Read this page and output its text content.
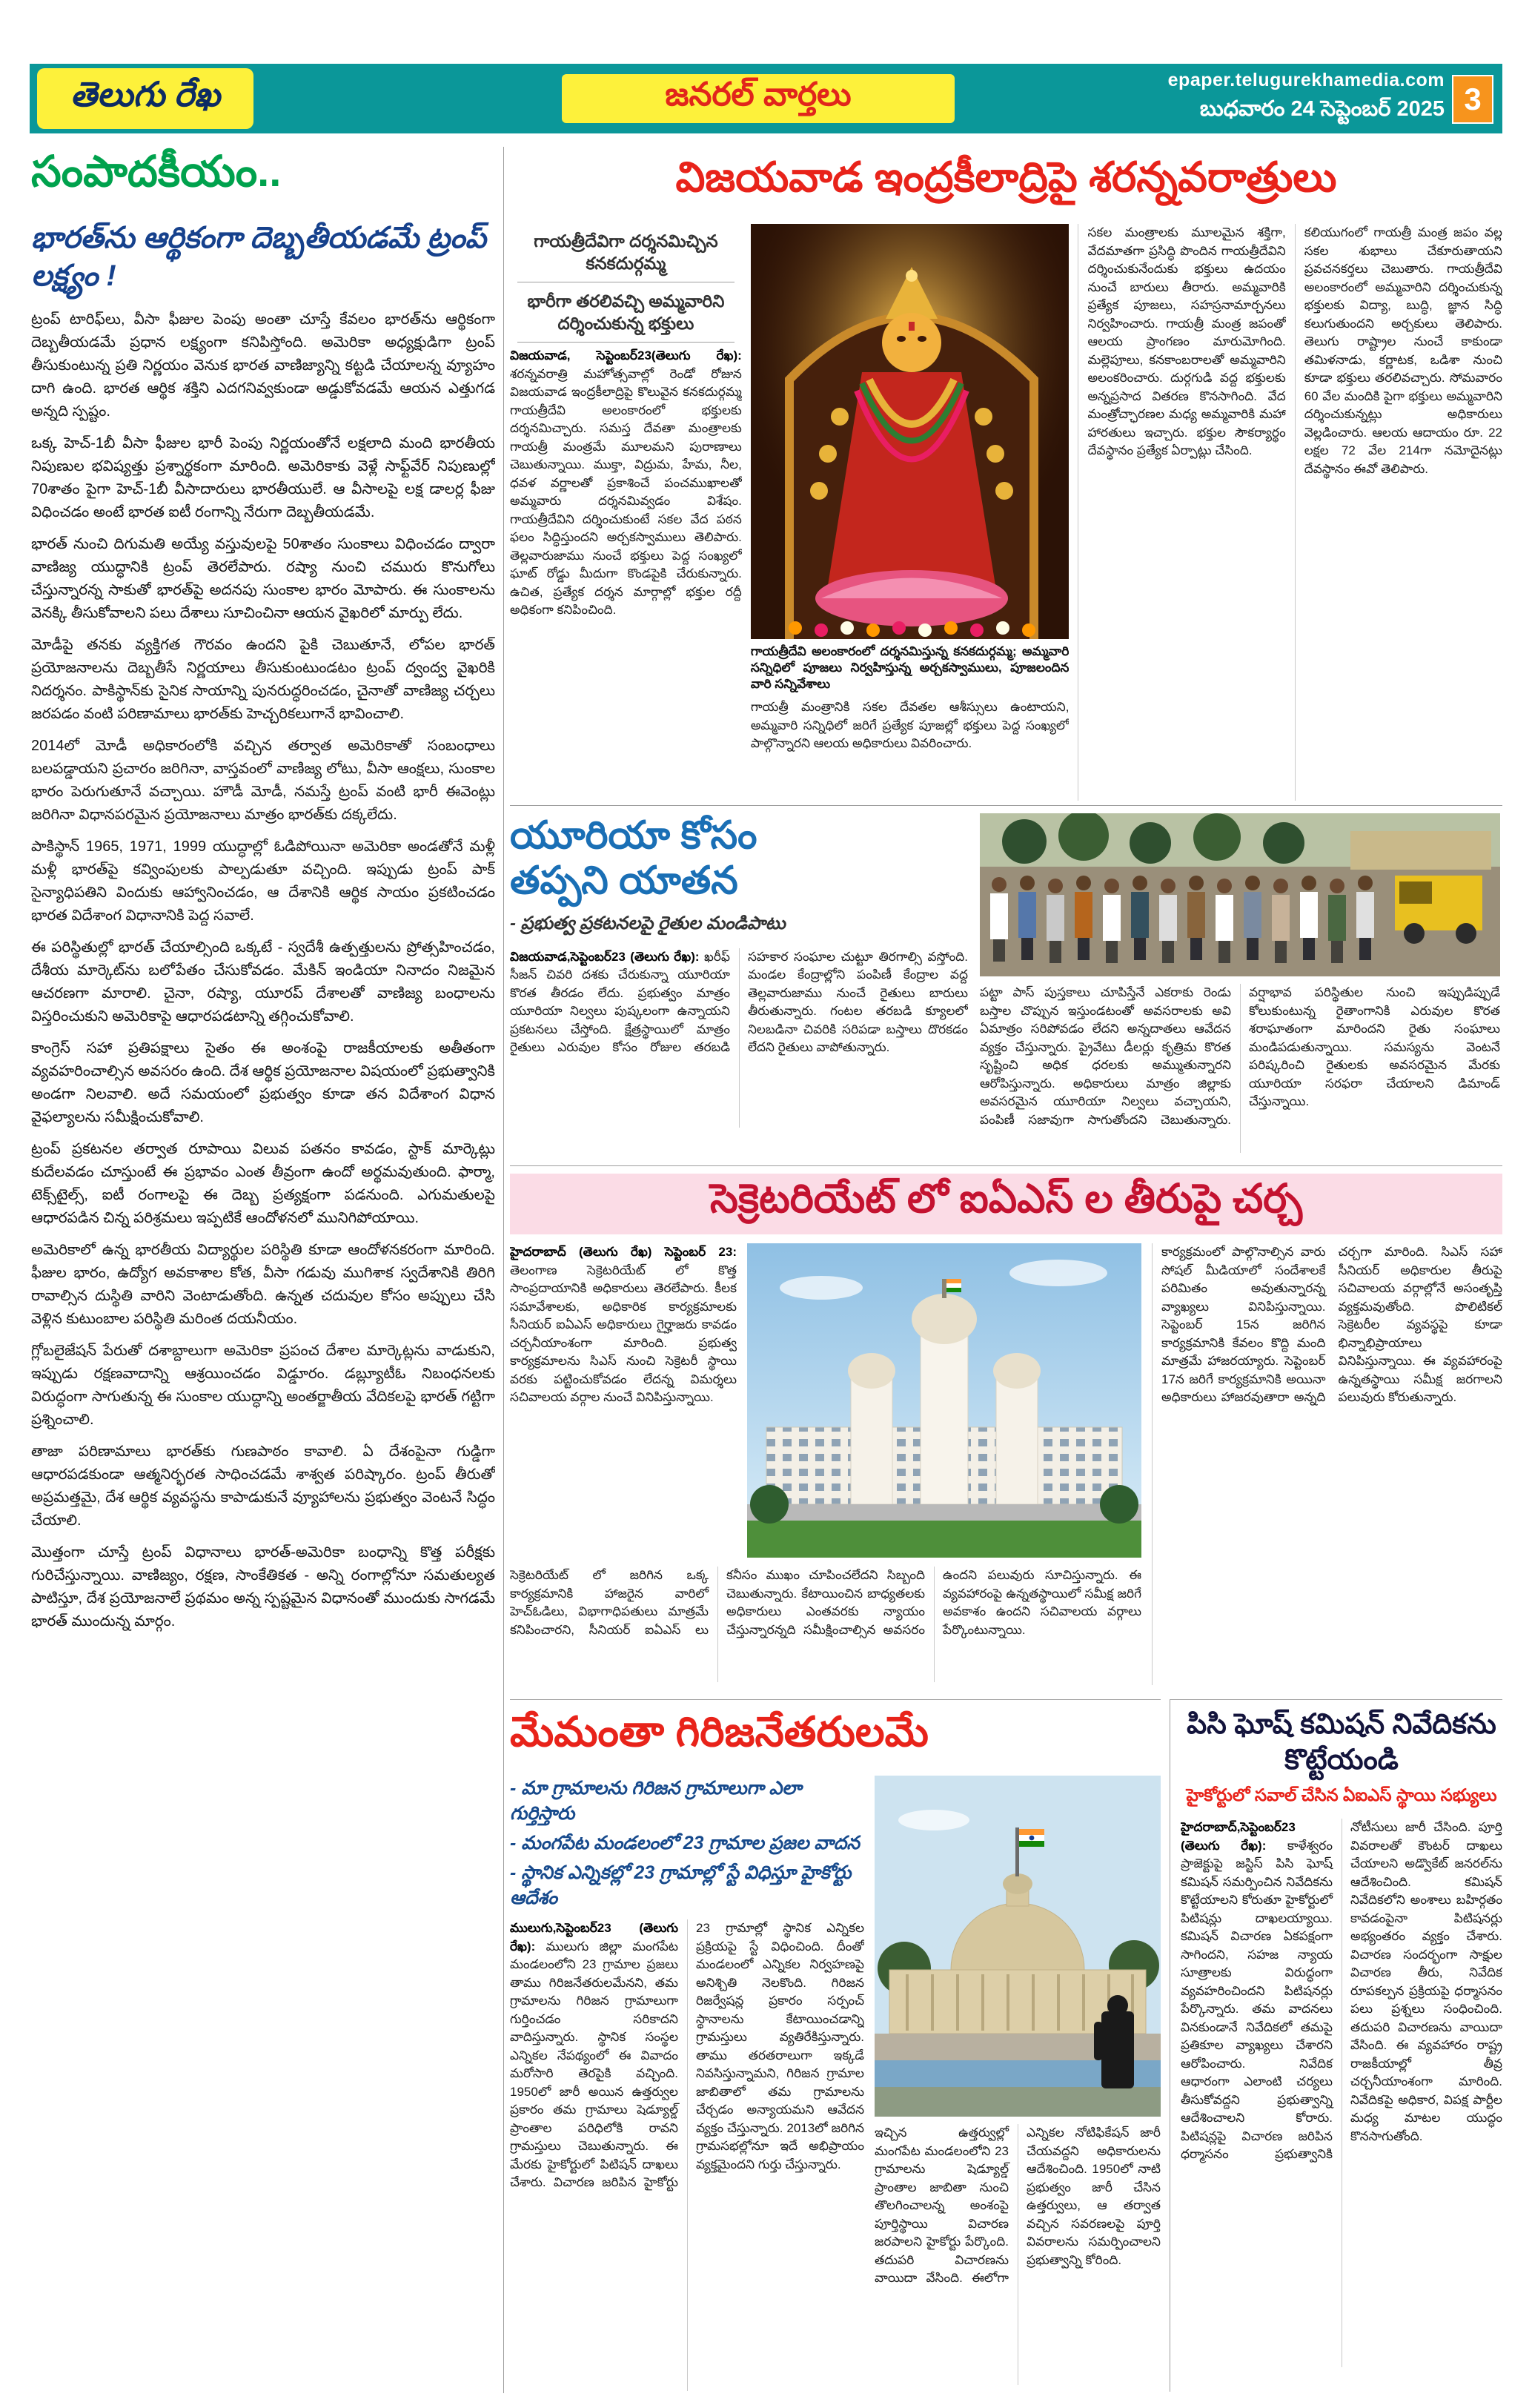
తెలుగు రేఖ	జనరల్ వార్తలు	epaper.telugurekhamedia.com
బుధవారం 24 సెప్టెంబర్ 2025 3
సంపాదకీయం..
భారత్‌ను ఆర్థికంగా దెబ్బతీయడమే ట్రంప్ లక్ష్యం !

ట్రంప్ టారిఫ్‌లు, వీసా ఫీజుల పెంపు అంతా చూస్తే కేవలం భారత్‌ను ఆర్థికంగా దెబ్బతీయడమే ప్రధాన లక్ష్యంగా కనిపిస్తోంది. అమెరికా అధ్యక్షుడిగా ట్రంప్ తీసుకుంటున్న ప్రతి నిర్ణయం వెనుక భారత వాణిజ్యాన్ని కట్టడి చేయాలన్న వ్యూహం దాగి ఉంది. భారత ఆర్థిక శక్తిని ఎదగనివ్వకుండా అడ్డుకోవడమే ఆయన ఎత్తుగడ అన్నది స్పష్టం.

ఒక్క హెచ్-1బీ వీసా ఫీజుల భారీ పెంపు నిర్ణయంతోనే లక్షలాది మంది భారతీయ నిపుణుల భవిష్యత్తు ప్రశ్నార్థకంగా మారింది. అమెరికాకు వెళ్లే సాఫ్ట్‌వేర్ నిపుణుల్లో 70శాతం పైగా హెచ్-1బీ వీసాదారులు భారతీయులే. ఆ వీసాలపై లక్ష డాలర్ల ఫీజు విధించడం అంటే భారత ఐటీ రంగాన్ని నేరుగా దెబ్బతీయడమే.

భారత్ నుంచి దిగుమతి అయ్యే వస్తువులపై 50శాతం సుంకాలు విధించడం ద్వారా వాణిజ్య యుద్ధానికి ట్రంప్ తెరలేపారు. రష్యా నుంచి చమురు కొనుగోలు చేస్తున్నారన్న సాకుతో భారత్‌పై అదనపు సుంకాల భారం మోపారు. ఈ సుంకాలను వెనక్కి తీసుకోవాలని పలు దేశాలు సూచించినా ఆయన వైఖరిలో మార్పు లేదు.

మోడీపై తనకు వ్యక్తిగత గౌరవం ఉందని పైకి చెబుతూనే, లోపల భారత్ ప్రయోజనాలను దెబ్బతీసే నిర్ణయాలు తీసుకుంటుండటం ట్రంప్ ద్వంద్వ వైఖరికి నిదర్శనం. పాకిస్థాన్‌కు సైనిక సాయాన్ని పునరుద్ధరించడం, చైనాతో వాణిజ్య చర్చలు జరపడం వంటి పరిణామాలు భారత్‌కు హెచ్చరికలుగానే భావించాలి.

2014లో మోడీ అధికారంలోకి వచ్చిన తర్వాత అమెరికాతో సంబంధాలు బలపడ్డాయని ప్రచారం జరిగినా, వాస్తవంలో వాణిజ్య లోటు, వీసా ఆంక్షలు, సుంకాల భారం పెరుగుతూనే వచ్చాయి. హౌడీ మోడీ, నమస్తే ట్రంప్ వంటి భారీ ఈవెంట్లు జరిగినా విధానపరమైన ప్రయోజనాలు మాత్రం భారత్‌కు దక్కలేదు.

పాకిస్థాన్ 1965, 1971, 1999 యుద్ధాల్లో ఓడిపోయినా అమెరికా అండతోనే మళ్లీ మళ్లీ భారత్‌పై కవ్వింపులకు పాల్పడుతూ వచ్చింది. ఇప్పుడు ట్రంప్ పాక్ సైన్యాధిపతిని విందుకు ఆహ్వానించడం, ఆ దేశానికి ఆర్థిక సాయం ప్రకటించడం భారత విదేశాంగ విధానానికి పెద్ద సవాలే.

ఈ పరిస్థితుల్లో భారత్ చేయాల్సింది ఒక్కటే - స్వదేశీ ఉత్పత్తులను ప్రోత్సహించడం, దేశీయ మార్కెట్‌ను బలోపేతం చేసుకోవడం. మేకిన్ ఇండియా నినాదం నిజమైన ఆచరణగా మారాలి. చైనా, రష్యా, యూరప్ దేశాలతో వాణిజ్య బంధాలను విస్తరించుకుని అమెరికాపై ఆధారపడటాన్ని తగ్గించుకోవాలి.

కాంగ్రెస్ సహా ప్రతిపక్షాలు సైతం ఈ అంశంపై రాజకీయాలకు అతీతంగా వ్యవహరించాల్సిన అవసరం ఉంది. దేశ ఆర్థిక ప్రయోజనాల విషయంలో ప్రభుత్వానికి అండగా నిలవాలి. అదే సమయంలో ప్రభుత్వం కూడా తన విదేశాంగ విధాన వైఫల్యాలను సమీక్షించుకోవాలి.

ట్రంప్ ప్రకటనల తర్వాత రూపాయి విలువ పతనం కావడం, స్టాక్ మార్కెట్లు కుదేలవడం చూస్తుంటే ఈ ప్రభావం ఎంత తీవ్రంగా ఉందో అర్థమవుతుంది. ఫార్మా, టెక్స్‌టైల్స్, ఐటీ రంగాలపై ఈ దెబ్బ ప్రత్యక్షంగా పడనుంది. ఎగుమతులపై ఆధారపడిన చిన్న పరిశ్రమలు ఇప్పటికే ఆందోళనలో మునిగిపోయాయి.

అమెరికాలో ఉన్న భారతీయ విద్యార్థుల పరిస్థితి కూడా ఆందోళనకరంగా మారింది. ఫీజుల భారం, ఉద్యోగ అవకాశాల కోత, వీసా గడువు ముగిశాక స్వదేశానికి తిరిగి రావాల్సిన దుస్థితి వారిని వెంటాడుతోంది. ఉన్నత చదువుల కోసం అప్పులు చేసి వెళ్లిన కుటుంబాల పరిస్థితి మరింత దయనీయం.

గ్లోబలైజేషన్ పేరుతో దశాబ్దాలుగా అమెరికా ప్రపంచ దేశాల మార్కెట్లను వాడుకుని, ఇప్పుడు రక్షణవాదాన్ని ఆశ్రయించడం విడ్డూరం. డబ్ల్యూటీఓ నిబంధనలకు విరుద్ధంగా సాగుతున్న ఈ సుంకాల యుద్ధాన్ని అంతర్జాతీయ వేదికలపై భారత్ గట్టిగా ప్రశ్నించాలి.

తాజా పరిణామాలు భారత్‌కు గుణపాఠం కావాలి. ఏ దేశంపైనా గుడ్డిగా ఆధారపడకుండా ఆత్మనిర్భరత సాధించడమే శాశ్వత పరిష్కారం. ట్రంప్ తీరుతో అప్రమత్తమై, దేశ ఆర్థిక వ్యవస్థను కాపాడుకునే వ్యూహాలను ప్రభుత్వం వెంటనే సిద్ధం చేయాలి.

మొత్తంగా చూస్తే ట్రంప్ విధానాలు భారత్-అమెరికా బంధాన్ని కొత్త పరీక్షకు గురిచేస్తున్నాయి. వాణిజ్యం, రక్షణ, సాంకేతికత - అన్ని రంగాల్లోనూ సమతుల్యత పాటిస్తూ, దేశ ప్రయోజనాలే ప్రథమం అన్న స్పష్టమైన విధానంతో ముందుకు సాగడమే భారత్ ముందున్న మార్గం.

విజయవాడ ఇంద్రకీలాద్రిపై శరన్నవరాత్రులు
గాయత్రీదేవిగా దర్శనమిచ్చిన కనకదుర్గమ్మ
భారీగా తరలివచ్చి అమ్మవారిని దర్శించుకున్న భక్తులు

విజయవాడ, సెప్టెంబర్23(తెలుగు రేఖ): శరన్నవరాత్రి మహోత్సవాల్లో రెండో రోజున విజయవాడ ఇంద్రకీలాద్రిపై కొలువైన కనకదుర్గమ్మ గాయత్రీదేవి అలంకారంలో భక్తులకు దర్శనమిచ్చారు. సమస్త దేవతా మంత్రాలకు గాయత్రీ మంత్రమే మూలమని పురాణాలు చెబుతున్నాయి. ముక్తా, విద్రుమ, హేమ, నీల, ధవళ వర్ణాలతో ప్రకాశించే పంచముఖాలతో అమ్మవారు దర్శనమివ్వడం విశేషం. గాయత్రీదేవిని దర్శించుకుంటే సకల వేద పఠన ఫలం సిద్ధిస్తుందని అర్చకస్వాములు తెలిపారు. తెల్లవారుజాము నుంచే భక్తులు పెద్ద సంఖ్యలో ఘాట్ రోడ్డు మీదుగా కొండపైకి చేరుకున్నారు. ఉచిత, ప్రత్యేక దర్శన మార్గాల్లో భక్తుల రద్దీ అధికంగా కనిపించింది.

గాయత్రీదేవి అలంకారంలో దర్శనమిస్తున్న కనకదుర్గమ్మ; అమ్మవారి సన్నిధిలో పూజలు నిర్వహిస్తున్న అర్చకస్వాములు, పూజలందిన వారి సన్నివేశాలు
గాయత్రీ మంత్రానికి సకల దేవతల ఆశీస్సులు ఉంటాయని, అమ్మవారి సన్నిధిలో జరిగే ప్రత్యేక పూజల్లో భక్తులు పెద్ద సంఖ్యలో పాల్గొన్నారని ఆలయ అధికారులు వివరించారు.
సకల మంత్రాలకు మూలమైన శక్తిగా, వేదమాతగా ప్రసిద్ధి పొందిన గాయత్రీదేవిని దర్శించుకునేందుకు భక్తులు ఉదయం నుంచే బారులు తీరారు. అమ్మవారికి ప్రత్యేక పూజలు, సహస్రనామార్చనలు నిర్వహించారు. గాయత్రీ మంత్ర జపంతో ఆలయ ప్రాంగణం మారుమోగింది. మల్లెపూలు, కనకాంబరాలతో అమ్మవారిని అలంకరించారు. దుర్గగుడి వద్ద భక్తులకు అన్నప్రసాద వితరణ కొనసాగింది. వేద మంత్రోచ్ఛారణల మధ్య అమ్మవారికి మహా హారతులు ఇచ్చారు. భక్తుల సౌకర్యార్థం దేవస్థానం ప్రత్యేక ఏర్పాట్లు చేసింది.
కలియుగంలో గాయత్రీ మంత్ర జపం వల్ల సకల శుభాలు చేకూరుతాయని ప్రవచనకర్తలు చెబుతారు. గాయత్రీదేవి అలంకారంలో అమ్మవారిని దర్శించుకున్న భక్తులకు విద్యా, బుద్ధి, జ్ఞాన సిద్ధి కలుగుతుందని అర్చకులు తెలిపారు. తెలుగు రాష్ట్రాల నుంచే కాకుండా తమిళనాడు, కర్ణాటక, ఒడిశా నుంచి కూడా భక్తులు తరలివచ్చారు. సోమవారం 60 వేల మందికి పైగా భక్తులు అమ్మవారిని దర్శించుకున్నట్లు అధికారులు వెల్లడించారు. ఆలయ ఆదాయం రూ. 22 లక్షల 72 వేల 214గా నమోదైనట్లు దేవస్థానం ఈవో తెలిపారు.
యూరియా కోసం
తప్పని యాతన
- ప్రభుత్వ ప్రకటనలపై రైతుల మండిపాటు

విజయవాడ,సెప్టెంబర్23 (తెలుగు రేఖ): ఖరీఫ్ సీజన్ చివరి దశకు చేరుకున్నా యూరియా కొరత తీరడం లేదు. ప్రభుత్వం మాత్రం యూరియా నిల్వలు పుష్కలంగా ఉన్నాయని ప్రకటనలు చేస్తోంది. క్షేత్రస్థాయిలో మాత్రం రైతులు ఎరువుల కోసం రోజుల తరబడి సహకార సంఘాల చుట్టూ తిరగాల్సి వస్తోంది. మండల కేంద్రాల్లోని పంపిణీ కేంద్రాల వద్ద తెల్లవారుజాము నుంచే రైతులు బారులు తీరుతున్నారు. గంటల తరబడి క్యూలలో నిలబడినా చివరికి సరిపడా బస్తాలు దొరకడం లేదని రైతులు వాపోతున్నారు.

పట్టా పాస్ పుస్తకాలు చూపిస్తేనే ఎకరాకు రెండు బస్తాల చొప్పున ఇస్తుండటంతో అవసరాలకు అవి ఏమాత్రం సరిపోవడం లేదని అన్నదాతలు ఆవేదన వ్యక్తం చేస్తున్నారు. ప్రైవేటు డీలర్లు కృత్రిమ కొరత సృష్టించి అధిక ధరలకు అమ్ముతున్నారని ఆరోపిస్తున్నారు. అధికారులు మాత్రం జిల్లాకు అవసరమైన యూరియా నిల్వలు వచ్చాయని, పంపిణీ సజావుగా సాగుతోందని చెబుతున్నారు. వర్షాభావ పరిస్థితుల నుంచి ఇప్పుడిప్పుడే కోలుకుంటున్న రైతాంగానికి ఎరువుల కొరత శరాఘాతంగా మారిందని రైతు సంఘాలు మండిపడుతున్నాయి. సమస్యను వెంటనే పరిష్కరించి రైతులకు అవసరమైన మేరకు యూరియా సరఫరా చేయాలని డిమాండ్ చేస్తున్నాయి.
సెక్రెటరియేట్ లో ఐఏఎస్ ల తీరుపై చర్చ

హైదరాబాద్ (తెలుగు రేఖ) సెప్టెంబర్ 23: తెలంగాణ సెక్రెటరియేట్ లో కొత్త సాంప్రదాయానికి అధికారులు తెరలేపారు. కీలక సమావేశాలకు, అధికారిక కార్యక్రమాలకు సీనియర్ ఐఏఎస్ అధికారులు గైర్హాజరు కావడం చర్చనీయాంశంగా మారింది. ప్రభుత్వ కార్యక్రమాలను సిఎస్ నుంచి సెక్రెటరీ స్థాయి వరకు పట్టించుకోవడం లేదన్న విమర్శలు సచివాలయ వర్గాల నుంచే వినిపిస్తున్నాయి.

సెక్రెటరియేట్ లో జరిగిన ఒక్క కార్యక్రమానికి హాజరైన వారిలో హెచ్ఓడిలు, విభాగాధిపతులు మాత్రమే కనిపించారని, సీనియర్ ఐఏఎస్ లు కనీసం ముఖం చూపించలేదని సిబ్బంది చెబుతున్నారు. కేటాయించిన బాధ్యతలకు అధికారులు ఎంతవరకు న్యాయం చేస్తున్నారన్నది సమీక్షించాల్సిన అవసరం ఉందని పలువురు సూచిస్తున్నారు. ఈ వ్యవహారంపై ఉన్నతస్థాయిలో సమీక్ష జరిగే అవకాశం ఉందని సచివాలయ వర్గాలు పేర్కొంటున్నాయి.

కార్యక్రమంలో పాల్గొనాల్సిన వారు సోషల్ మీడియాలో సందేశాలకే పరిమితం అవుతున్నారన్న వ్యాఖ్యలు వినిపిస్తున్నాయి. సెప్టెంబర్ 15న జరిగిన కార్యక్రమానికి కేవలం కొద్ది మంది మాత్రమే హాజరయ్యారు. సెప్టెంబర్ 17న జరిగే కార్యక్రమానికి అయినా అధికారులు హాజరవుతారా అన్నది చర్చగా మారింది. సిఎస్ సహా సీనియర్ అధికారుల తీరుపై సచివాలయ వర్గాల్లోనే అసంతృప్తి వ్యక్తమవుతోంది. పొలిటికల్ సెక్రెటరీల వ్యవస్థపై కూడా భిన్నాభిప్రాయాలు వినిపిస్తున్నాయి. ఈ వ్యవహారంపై ఉన్నతస్థాయి సమీక్ష జరగాలని పలువురు కోరుతున్నారు.

మేమంతా గిరిజనేతరులమే
- మా గ్రామాలను గిరిజన గ్రామాలుగా ఎలా గుర్తిస్తారు
- మంగపేట మండలంలో 23 గ్రామాల ప్రజల వాదన
- స్థానిక ఎన్నికల్లో 23 గ్రామాల్లో స్టే విధిస్తూ హైకోర్టు ఆదేశం

ములుగు,సెప్టెంబర్23 (తెలుగు రేఖ): ములుగు జిల్లా మంగపేట మండలంలోని 23 గ్రామాల ప్రజలు తాము గిరిజనేతరులమేనని, తమ గ్రామాలను గిరిజన గ్రామాలుగా గుర్తించడం సరికాదని వాదిస్తున్నారు. స్థానిక సంస్థల ఎన్నికల నేపథ్యంలో ఈ వివాదం మరోసారి తెరపైకి వచ్చింది. 1950లో జారీ అయిన ఉత్తర్వుల ప్రకారం తమ గ్రామాలు షెడ్యూల్డ్ ప్రాంతాల పరిధిలోకి రావని గ్రామస్తులు చెబుతున్నారు. ఈ మేరకు హైకోర్టులో పిటిషన్ దాఖలు చేశారు. విచారణ జరిపిన హైకోర్టు 23 గ్రామాల్లో స్థానిక ఎన్నికల ప్రక్రియపై స్టే విధించింది. దీంతో మండలంలో ఎన్నికల నిర్వహణపై అనిశ్చితి నెలకొంది. గిరిజన రిజర్వేషన్ల ప్రకారం సర్పంచ్ స్థానాలను కేటాయించడాన్ని గ్రామస్తులు వ్యతిరేకిస్తున్నారు. తాము తరతరాలుగా ఇక్కడే నివసిస్తున్నామని, గిరిజన గ్రామాల జాబితాలో తమ గ్రామాలను చేర్చడం అన్యాయమని ఆవేదన వ్యక్తం చేస్తున్నారు. 2013లో జరిగిన గ్రామసభల్లోనూ ఇదే అభిప్రాయం వ్యక్తమైందని గుర్తు చేస్తున్నారు.

ఇచ్చిన ఉత్తర్వుల్లో మంగపేట మండలంలోని 23 గ్రామాలను షెడ్యూల్డ్ ప్రాంతాల జాబితా నుంచి తొలగించాలన్న అంశంపై పూర్తిస్థాయి విచారణ జరపాలని హైకోర్టు పేర్కొంది. తదుపరి విచారణను వాయిదా వేసింది. ఈలోగా ఎన్నికల నోటిఫికేషన్ జారీ చేయవద్దని అధికారులను ఆదేశించింది. 1950లో నాటి ప్రభుత్వం జారీ చేసిన ఉత్తర్వులు, ఆ తర్వాత వచ్చిన సవరణలపై పూర్తి వివరాలను సమర్పించాలని ప్రభుత్వాన్ని కోరింది.
పిసి ఘోష్ కమిషన్ నివేదికను కొట్టేయండి
హైకోర్టులో సవాల్ చేసిన ఏఐఎస్ స్థాయి సభ్యులు

హైదరాబాద్,సెప్టెంబర్23 (తెలుగు రేఖ): కాళేశ్వరం ప్రాజెక్టుపై జస్టిస్ పిసి ఘోష్ కమిషన్ సమర్పించిన నివేదికను కొట్టేయాలని కోరుతూ హైకోర్టులో పిటిషన్లు దాఖలయ్యాయి. కమిషన్ విచారణ ఏకపక్షంగా సాగిందని, సహజ న్యాయ సూత్రాలకు విరుద్ధంగా వ్యవహరించిందని పిటిషనర్లు పేర్కొన్నారు. తమ వాదనలు వినకుండానే నివేదికలో తమపై ప్రతికూల వ్యాఖ్యలు చేశారని ఆరోపించారు. నివేదిక ఆధారంగా ఎలాంటి చర్యలు తీసుకోవద్దని ప్రభుత్వాన్ని ఆదేశించాలని కోరారు. పిటిషన్లపై విచారణ జరిపిన ధర్మాసనం ప్రభుత్వానికి నోటీసులు జారీ చేసింది. పూర్తి వివరాలతో కౌంటర్ దాఖలు చేయాలని అడ్వొకేట్ జనరల్‌ను ఆదేశించింది. కమిషన్ నివేదికలోని అంశాలు బహిర్గతం కావడంపైనా పిటిషనర్లు అభ్యంతరం వ్యక్తం చేశారు. విచారణ సందర్భంగా సాక్షుల విచారణ తీరు, నివేదిక రూపకల్పన ప్రక్రియపై ధర్మాసనం పలు ప్రశ్నలు సంధించింది. తదుపరి విచారణను వాయిదా వేసింది. ఈ వ్యవహారం రాష్ట్ర రాజకీయాల్లో తీవ్ర చర్చనీయాంశంగా మారింది. నివేదికపై అధికార, విపక్ష పార్టీల మధ్య మాటల యుద్ధం కొనసాగుతోంది.
